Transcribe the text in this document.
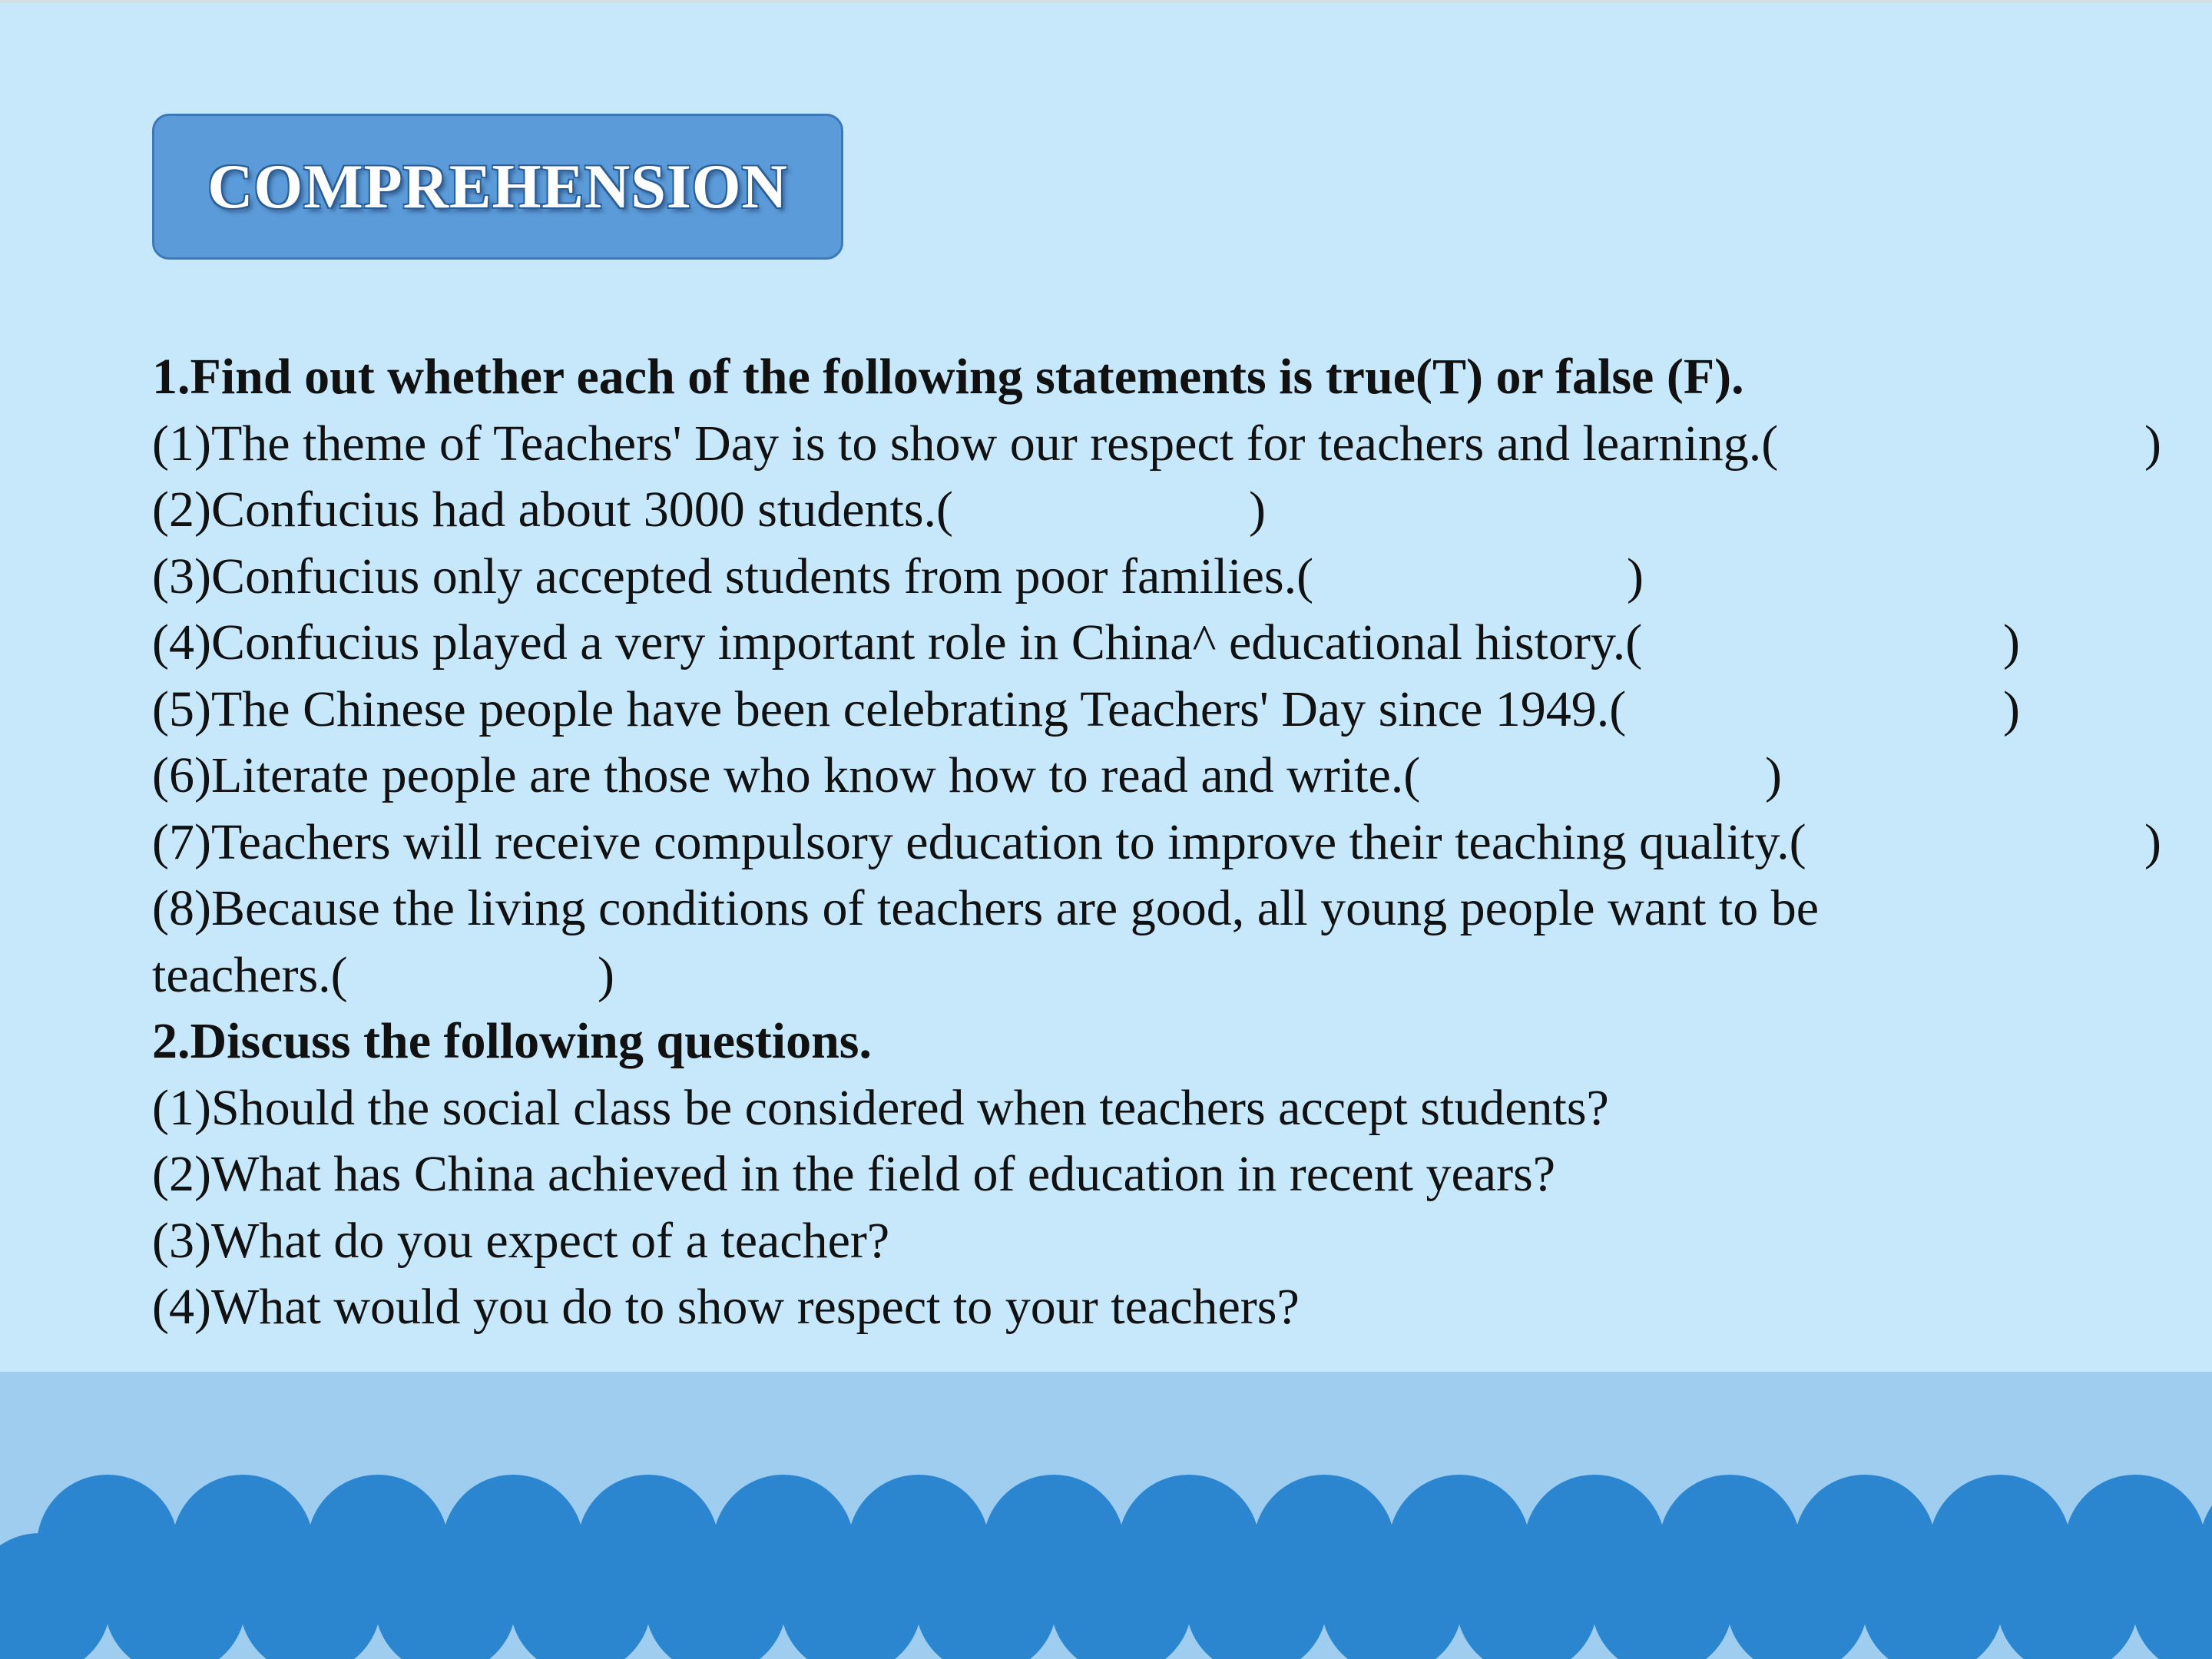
COMPREHENSION
1.Find out whether each of the following statements is true(T) or false (F).
(1)The theme of Teachers' Day is to show our respect for teachers and learning.(	)
(2)Confucius had about 3000 students.(	)
(3)Confucius only accepted students from poor families.(	)
(4)Confucius played a very important role in China^ educational history.(	)
(5)The Chinese people have been celebrating Teachers' Day since 1949.(	)
(6)Literate people are those who know how to read and write.(	)
(7)Teachers will receive compulsory education to improve their teaching quality.(	)
(8)Because the living conditions of teachers are good, all young people want to be
teachers.(	)
2.Discuss the following questions.
(1)Should the social class be considered when teachers accept students?
(2)What has China achieved in the field of education in recent years?
(3)What do you expect of a teacher?
(4)What would you do to show respect to your teachers?
